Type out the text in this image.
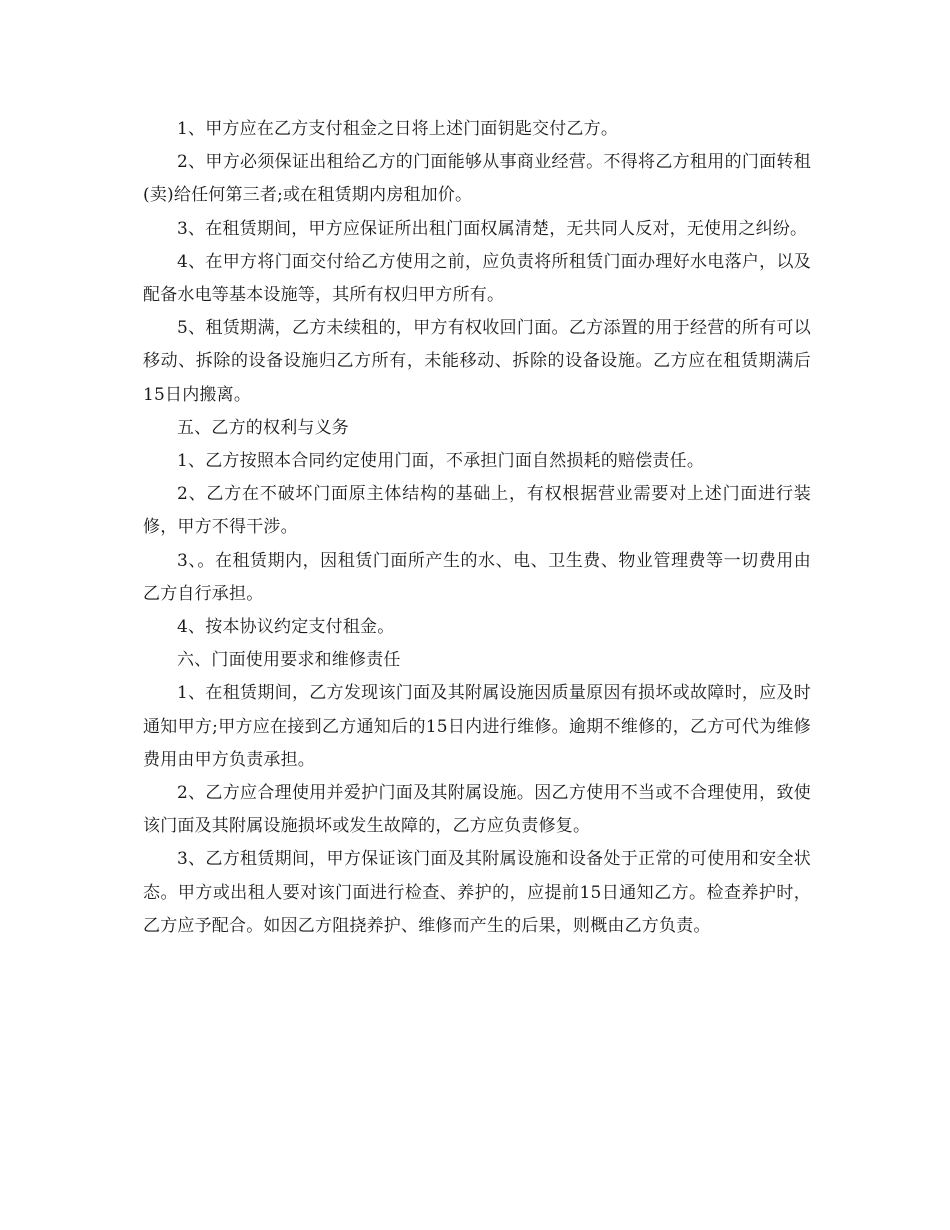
1、甲方应在乙方支付租金之日将上述门面钥匙交付乙方。

2、甲方必须保证出租给乙方的门面能够从事商业经营。不得将乙方租用的门面转租(卖)给任何第三者;或在租赁期内房租加价。

3、在租赁期间，甲方应保证所出租门面权属清楚，无共同人反对，无使用之纠纷。

4、在甲方将门面交付给乙方使用之前，应负责将所租赁门面办理好水电落户，以及配备水电等基本设施等，其所有权归甲方所有。

5、租赁期满，乙方未续租的，甲方有权收回门面。乙方添置的用于经营的所有可以移动、拆除的设备设施归乙方所有，未能移动、拆除的设备设施。乙方应在租赁期满后15日内搬离。

五、乙方的权利与义务

1、乙方按照本合同约定使用门面，不承担门面自然损耗的赔偿责任。

2、乙方在不破坏门面原主体结构的基础上，有权根据营业需要对上述门面进行装修，甲方不得干涉。

3、。在租赁期内，因租赁门面所产生的水、电、卫生费、物业管理费等一切费用由乙方自行承担。

4、按本协议约定支付租金。

六、门面使用要求和维修责任

1、在租赁期间，乙方发现该门面及其附属设施因质量原因有损坏或故障时，应及时通知甲方;甲方应在接到乙方通知后的15日内进行维修。逾期不维修的，乙方可代为维修费用由甲方负责承担。

2、乙方应合理使用并爱护门面及其附属设施。因乙方使用不当或不合理使用，致使该门面及其附属设施损坏或发生故障的，乙方应负责修复。

3、乙方租赁期间，甲方保证该门面及其附属设施和设备处于正常的可使用和安全状态。甲方或出租人要对该门面进行检查、养护的，应提前15日通知乙方。检查养护时，乙方应予配合。如因乙方阻挠养护、维修而产生的后果，则概由乙方负责。
